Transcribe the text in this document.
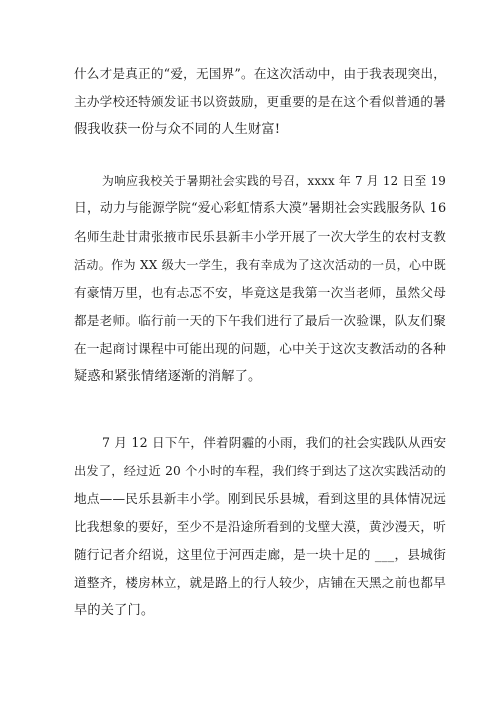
什么才是真正的“爱，无国界”。在这次活动中，由于我表现突出，
主办学校还特颁发证书以资鼓励，更重要的是在这个看似普通的暑
假我收获一份与众不同的人生财富!
为响应我校关于暑期社会实践的号召，xxxx 年 7 月 12 日至 19
日，动力与能源学院“爱心彩虹情系大漠”暑期社会实践服务队 16
名师生赴甘肃张掖市民乐县新丰小学开展了一次大学生的农村支教
活动。作为 XX 级大一学生，我有幸成为了这次活动的一员，心中既
有豪情万里，也有忐忑不安，毕竟这是我第一次当老师，虽然父母
都是老师。临行前一天的下午我们进行了最后一次验课，队友们聚
在一起商讨课程中可能出现的问题，心中关于这次支教活动的各种
疑惑和紧张情绪逐渐的消解了。
7 月 12 日下午，伴着阴霾的小雨，我们的社会实践队从西安
出发了，经过近 20 个小时的车程，我们终于到达了这次实践活动的
地点——民乐县新丰小学。刚到民乐县城，看到这里的具体情况远
比我想象的要好，至少不是沿途所看到的戈壁大漠，黄沙漫天，听
随行记者介绍说，这里位于河西走廊，是一块十足的 ___，县城街
道整齐，楼房林立，就是路上的行人较少，店铺在天黑之前也都早
早的关了门。
